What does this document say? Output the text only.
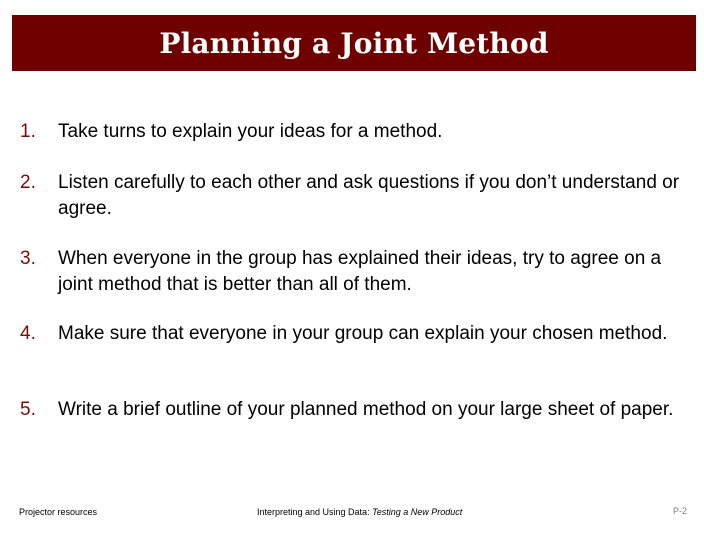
Planning a Joint Method
1. Take turns to explain your ideas for a method.
2. Listen carefully to each other and ask questions if you don’t understand or agree.
3. When everyone in the group has explained their ideas, try to agree on a joint method that is better than all of them.
4. Make sure that everyone in your group can explain your chosen method.
5. Write a brief outline of your planned method on your large sheet of paper.
Projector resources	Interpreting and Using Data: Testing a New Product	P-2
